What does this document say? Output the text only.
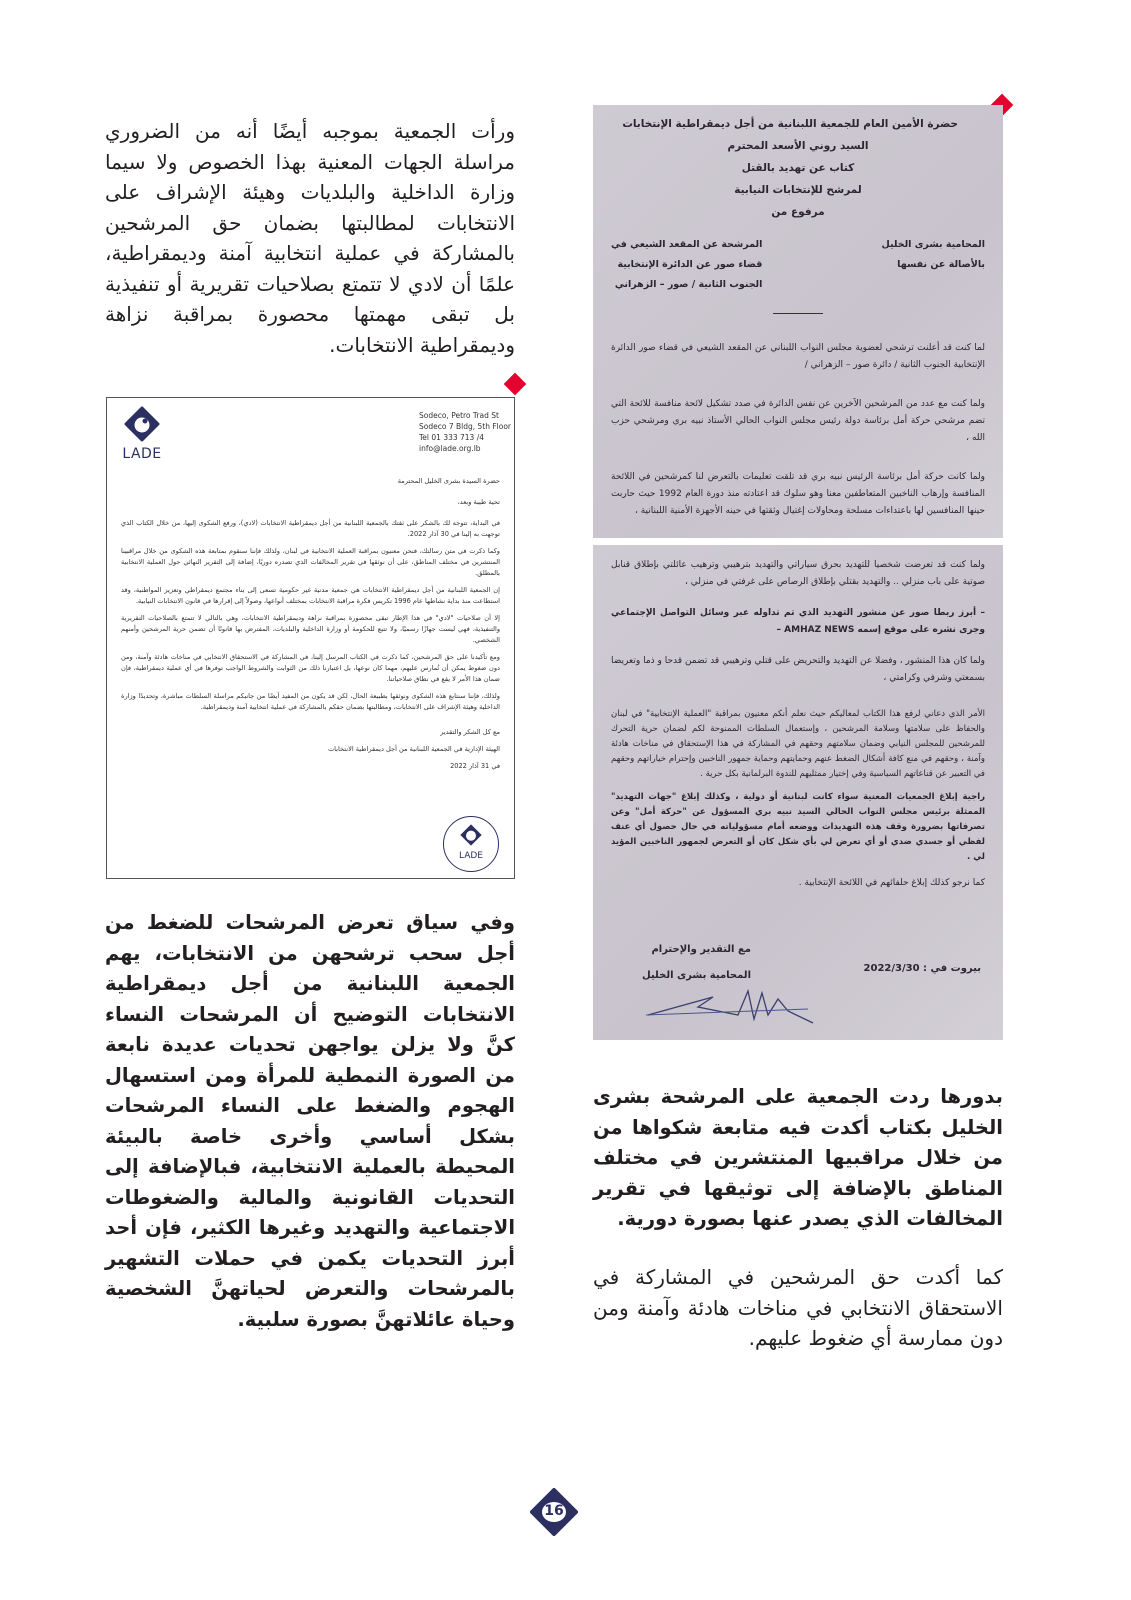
ورأت الجمعية بموجبه أيضًا أنه من الضروري مراسلة الجهات المعنية بهذا الخصوص ولا سيما وزارة الداخلية والبلديات وهيئة الإشراف على الانتخابات لمطالبتها بضمان حق المرشحين بالمشاركة في عملية انتخابية آمنة وديمقراطية، علمًا أن لادي لا تتمتع بصلاحيات تقريرية أو تنفيذية بل تبقى مهمتها محصورة بمراقبة نزاهة وديمقراطية الانتخابات.
LADE
Sodeco, Petro Trad St
Sodeco 7 Bldg, 5th Floor
Tel 01 333 713 /4
info@lade.org.lb

حضرة السيدة بشرى الخليل المحترمة

تحية طيبة وبعد،

في البداية، نتوجه لك بالشكر على ثقتك بالجمعية اللبنانية من أجل ديمقراطية الانتخابات (لادي)، ورفع الشكوى إليها، من خلال الكتاب الذي توجهت به إلينا في 30 آذار 2022.

وكما ذكرت في متن رسالتك، فنحن معنيون بمراقبة العملية الانتخابية في لبنان، ولذلك فإننا سنقوم بمتابعة هذه الشكوى من خلال مراقبينا المنتشرين في مختلف المناطق، على أن نوثقها في تقرير المخالفات الذي تصدره دوريًا، إضافة إلى التقرير النهائي حول العملية الانتخابية بالمطلق.

إن الجمعية اللبنانية من أجل ديمقراطية الانتخابات هي جمعية مدنية غير حكومية تسعى إلى بناء مجتمع ديمقراطي وتعزيز المواطنية، وقد استطاعت منذ بداية نشاطها عام 1996 تكريس فكرة مراقبة الانتخابات بمختلف أنواعها، وصولاً إلى إقرارها في قانون الانتخابات النيابية.

إلا أن صلاحيات "لادي" في هذا الإطار تبقى محصورة بمراقبة نزاهة وديمقراطية الانتخابات، وهي بالتالي لا تتمتع بالصلاحيات التقريرية والتنفيذية، فهي ليست جهازًا رسميًا، ولا تتبع للحكومة أو وزارة الداخلية والبلديات، المفترض بها قانونًا أن تضمن حرية المرشحين وأمنهم الشخصي.

ومع تأكيدنا على حق المرشحين، كما ذكرت في الكتاب المرسل إلينا، في المشاركة في الاستحقاق الانتخابي في مناخات هادئة وآمنة، ومن دون ضغوط يمكن أن تُمارس عليهم، مهما كان نوعها، بل اعتبارنا ذلك من الثوابت والشروط الواجب توفرها في أي عملية ديمقراطية، فإن ضمان هذا الأمر لا يقع في نطاق صلاحياتنا.

ولذلك، فإننا سنتابع هذه الشكوى ونوثقها بطبيعة الحال، لكن قد يكون من المفيد أيضًا من جانبكم مراسلة السلطات مباشرة، وتحديدًا وزارة الداخلية وهيئة الإشراف على الانتخابات، ومطالبتها بضمان حقكم بالمشاركة في عملية انتخابية آمنة وديمقراطية.

مع كل الشكر والتقدير

الهيئة الإدارية في الجمعية اللبنانية من أجل ديمقراطية الانتخابات

في 31 آذار 2022

LADE
وفي سياق تعرض المرشحات للضغط من أجل سحب ترشحهن من الانتخابات، يهم الجمعية اللبنانية من أجل ديمقراطية الانتخابات التوضيح أن المرشحات النساء كنَّ ولا يزلن يواجهن تحديات عديدة نابعة من الصورة النمطية للمرأة ومن استسهال الهجوم والضغط على النساء المرشحات بشكل أساسي وأخرى خاصة بالبيئة المحيطة بالعملية الانتخابية، فبالإضافة إلى التحديات القانونية والمالية والضغوطات الاجتماعية والتهديد وغيرها الكثير، فإن أحد أبرز التحديات يكمن في حملات التشهير بالمرشحات والتعرض لحياتهنَّ الشخصية وحياة عائلاتهنَّ بصورة سلبية.
حضرة الأمين العام للجمعية اللبنانية من أجل ديمقراطية الإنتخابات
السيد روني الأسعد المحترم
كتاب عن تهديد بالقتل
لمرشح للإنتخابات النيابية
مرفوع من
المحامية بشرى الخليل
بالأصالة عن نفسها
المرشحة عن المقعد الشيعي في
قضاء صور عن الدائرة الإنتخابية
الجنوب الثانية / صور – الزهراني
لما كنت قد أعلنت ترشحي لعضوية مجلس النواب اللبناني عن المقعد الشيعي في قضاء صور الدائرة الإنتخابية الجنوب الثانية / دائرة صور – الزهراني /
ولما كنت مع عدد من المرشحين الآخرين عن نفس الدائرة في صدد تشكيل لائحة منافسة للائحة التي تضم مرشحي حركة أمل برئاسة دولة رئيس مجلس النواب الحالي الأستاذ نبيه بري ومرشحي حزب الله ،
ولما كانت حركة أمل برئاسة الرئيس نبيه بري قد تلقت تعليمات بالتعرض لنا كمرشحين في اللائحة المنافسة وإرهاب الناخبين المتعاطفين معنا وهو سلوك قد اعتادته منذ دورة العام 1992 حيث حاربت حينها المنافسين لها باعتداءات مسلحة ومحاولات إغتيال وثقتها في حينه الأجهزة الأمنية اللبنانية ،
ولما كنت قد تعرضت شخصيا للتهديد بحرق سياراتي والتهديد بترهيبي وترهيب عائلتي بإطلاق قنابل صوتية على باب منزلي .. والتهديد بقتلي بإطلاق الرصاص على غرفتي في منزلي ،
– أبرز ربطا صور عن منشور التهديد الذي تم تداوله عبر وسائل التواصل الإجتماعي وجرى نشره على موقع إسمه AMHAZ NEWS –
ولما كان هذا المنشور ، وفضلا عن التهديد والتحريض على قتلي وترهيبي قد تضمن قدحا و ذما وتعريضا بسمعتي وشرفي وكرامتي ،
الأمر الذي دعاني لرفع هذا الكتاب لمعاليكم حيث نعلم أنكم معنيون بمراقبة "العملية الإنتخابية" في لبنان والحفاظ على سلامتها وسلامة المرشحين ، وإستعمال السلطات الممنوحة لكم لضمان حرية التحرك للمرشحين للمجلس النيابي وضمان سلامتهم وحقهم في المشاركة في هذا الإستحقاق في مناخات هادئة وآمنة ، وحقهم في منع كافة أشكال الضغط عنهم وحمايتهم وحماية جمهور الناخبين وإحترام خياراتهم وحقهم في التعبير عن قناعاتهم السياسية وفي إختيار ممثليهم للندوة البرلمانية بكل حرية .
راجية إبلاغ الجمعيات المعنية سواء كانت لبنانية أو دولية ، وكذلك إبلاغ "جهات التهديد" الممثلة برئيس مجلس النواب الحالي السيد نبيه بري المسؤول عن "حركة أمل" وعن تصرفاتها بضرورة وقف هذه التهديدات ووضعه أمام مسؤولياته في حال حصول أي عنف لفظي أو جسدي ضدي أو أي تعرض لي بأي شكل كان أو التعرض لجمهور الناخبين المؤيد لي .
كما نرجو كذلك إبلاغ حلفائهم في اللائحة الإنتخابية .
مع التقدير والإحترام
المحامية بشرى الخليل
بيروت في : 2022/3/30
بدورها ردت الجمعية على المرشحة بشرى الخليل بكتاب أكدت فيه متابعة شكواها من من خلال مراقبيها المنتشرين في مختلف المناطق بالإضافة إلى توثيقها في تقرير المخالفات الذي يصدر عنها بصورة دورية.
كما أكدت حق المرشحين في المشاركة في الاستحقاق الانتخابي في مناخات هادئة وآمنة ومن دون ممارسة أي ضغوط عليهم.
16
